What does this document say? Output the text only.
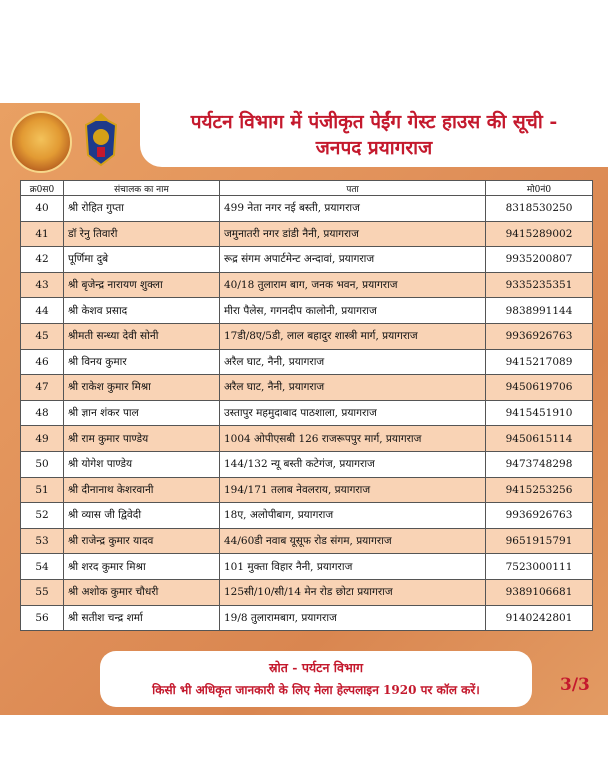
पर्यटन विभाग में पंजीकृत पेईंग गेस्ट हाउस की सूची -
जनपद प्रयागराज
क्र0स0	संचालक का नाम	पता	मो0नं0
40	श्री रोहित गुप्ता	499 नेता नगर नई बस्ती, प्रयागराज	8318530250
41	डॉ रेनु तिवारी	जमुनातरी नगर डांडी नैनी, प्रयागराज	9415289002
42	पूर्णिमा दुबे	रूद्र संगम अपार्टमेन्ट अन्दावां, प्रयागराज	9935200807
43	श्री बृजेन्द्र नारायण शुक्ला	40/18 तुलाराम बाग, जनक भवन, प्रयागराज	9335235351
44	श्री केशव प्रसाद	मीरा पैलेस, गगनदीप कालोनी, प्रयागराज	9838991144
45	श्रीमती सन्ध्या देवी सोनी	17डी/8ए/5डी, लाल बहादुर शास्त्री मार्ग, प्रयागराज	9936926763
46	श्री विनय कुमार	अरैल घाट, नैनी, प्रयागराज	9415217089
47	श्री राकेश कुमार मिश्रा	अरैल घाट, नैनी, प्रयागराज	9450619706
48	श्री ज्ञान शंकर पाल	उस्तापुर महमुदाबाद पाठशाला, प्रयागराज	9415451910
49	श्री राम कुमार पाण्डेय	1004 ओपीएसबी 126 राजरूपपुर मार्ग, प्रयागराज	9450615114
50	श्री योगेश पाण्डेय	144/132 न्यू बस्ती कटेगंज, प्रयागराज	9473748298
51	श्री दीनानाथ केशरवानी	194/171 तलाब नेवलराय, प्रयागराज	9415253256
52	श्री व्यास जी द्विवेदी	18ए, अलोपीबाग, प्रयागराज	9936926763
53	श्री राजेन्द्र कुमार यादव	44/60डी नवाब यूसूफ रोड संगम, प्रयागराज	9651915791
54	श्री शरद कुमार मिश्रा	101 मुक्ता विहार नैनी, प्रयागराज	7523000111
55	श्री अशोक कुमार चौधरी	125सी/10/सी/14 मेन रोड छोटा प्रयागराज	9389106681
56	श्री सतीश चन्द्र शर्मा	19/8 तुलारामबाग, प्रयागराज	9140242801
स्रोत - पर्यटन विभाग
किसी भी अधिकृत जानकारी के लिए मेला हेल्पलाइन 1920 पर कॉल करें।	3/3
